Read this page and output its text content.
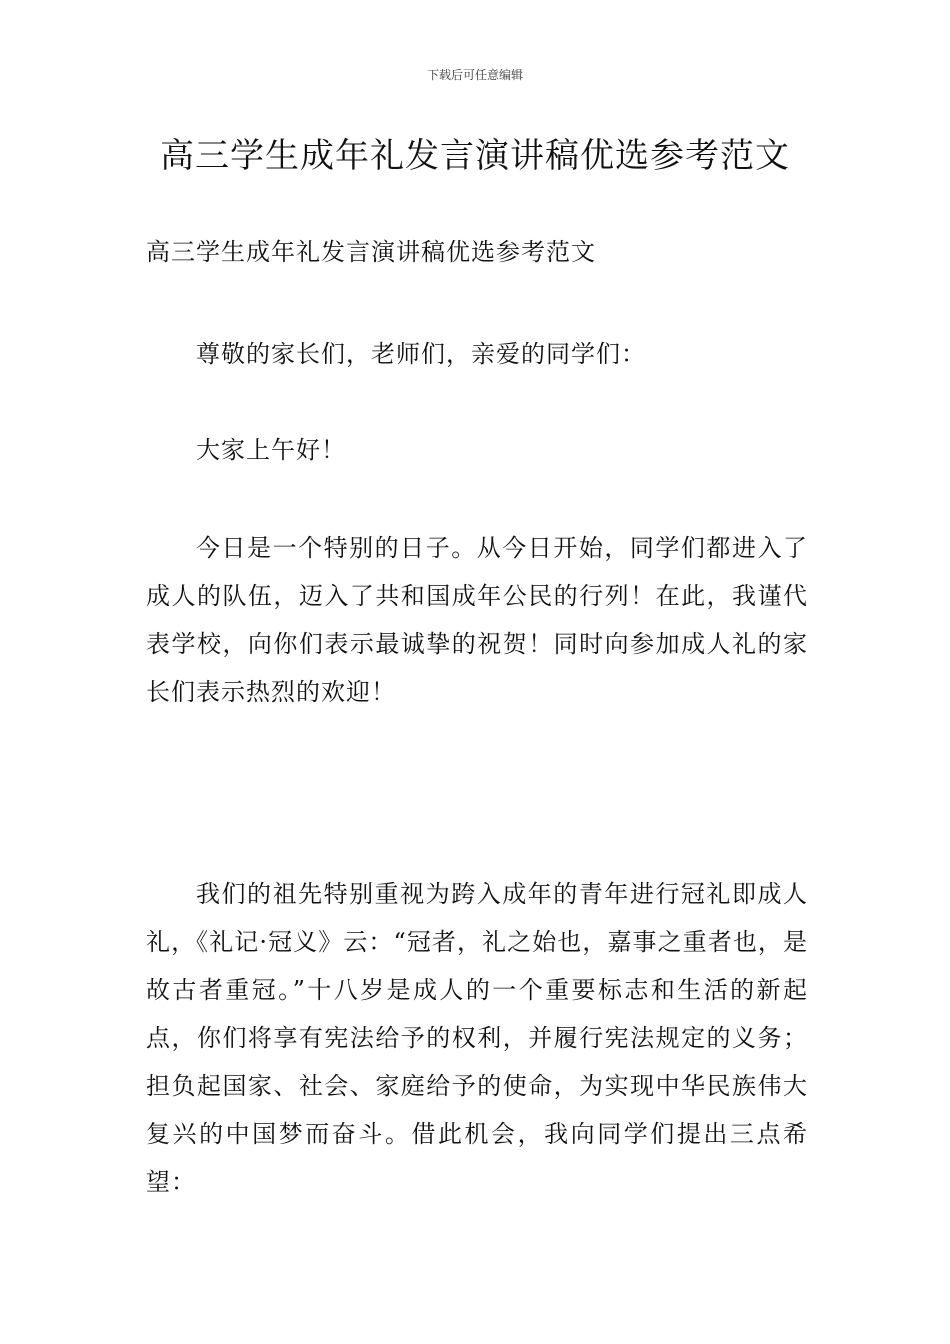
下载后可任意编辑
高三学生成年礼发言演讲稿优选参考范文
高三学生成年礼发言演讲稿优选参考范文
尊敬的家长们，老师们，亲爱的同学们：
大家上午好！
今日是一个特别的日子。从今日开始，同学们都进入了成人的队伍，迈入了共和国成年公民的行列！在此，我谨代表学校，向你们表示最诚挚的祝贺！同时向参加成人礼的家长们表示热烈的欢迎！
我们的祖先特别重视为跨入成年的青年进行冠礼即成人礼，《礼记·冠义》云：“冠者，礼之始也，嘉事之重者也，是故古者重冠。”十八岁是成人的一个重要标志和生活的新起点，你们将享有宪法给予的权利，并履行宪法规定的义务；担负起国家、社会、家庭给予的使命，为实现中华民族伟大复兴的中国梦而奋斗。借此机会，我向同学们提出三点希望：
